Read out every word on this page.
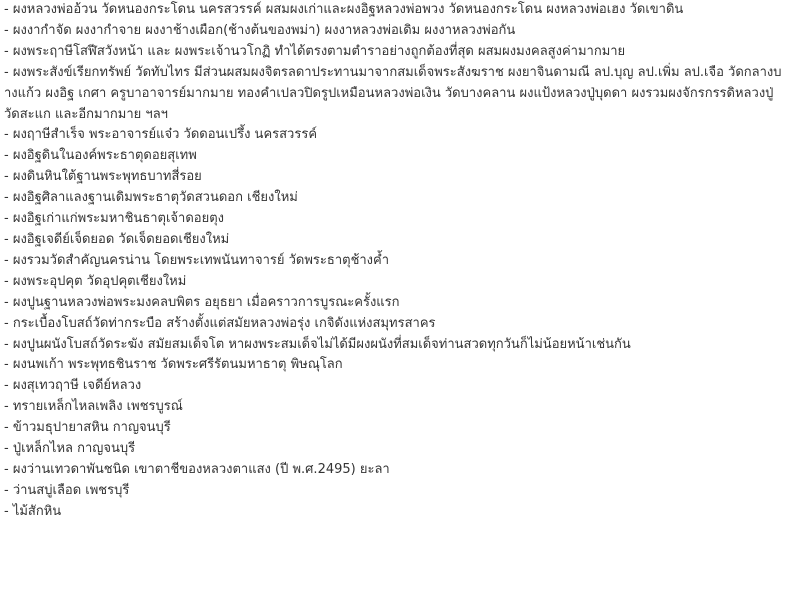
- ผงหลวงพ่ออ้วน วัดหนองกระโดน นครสวรรค์ ผสมผงเก่าและผงอิฐหลวงพ่อพวง วัดหนองกระโดน ผงหลวงพ่อเฮง วัดเขาดิน

- ผงงากำจัด ผงงากำจาย ผงงาช้างเผือก(ช้างต้นของพม่า) ผงงาหลวงพ่อเดิม ผงงาหลวงพ่อกัน

- ผงพระฤาษีโสฬีสวังหน้า และ ผงพระเจ้านวโกฏิ ทำได้ตรงตามตำราอย่างถูกต้องที่สุด ผสมผงมงคลสูงค่ามากมาย

- ผงพระสังข์เรียกทรัพย์ วัดทับไทร มีส่วนผสมผงจิตรลดาประทานมาจากสมเด็จพระสังฆราช ผงยาจินดามณี ลป.บุญ ลป.เพิ่ม ลป.เจือ วัดกลางบางแก้ว ผงอิฐ เกศา ครูบาอาจารย์มากมาย ทองคำเปลวปิดรูปเหมือนหลวงพ่อเงิน วัดบางคลาน ผงแป้งหลวงปู่บุดดา ผงรวมผงจักรกรรดิหลวงปู่ วัดสะแก และอีกมากมาย ฯลฯ

- ผงฤาษีสำเร็จ พระอาจารย์แจ๋ว วัดดอนเปรึ้ง นครสวรรค์

- ผงอิฐดินในองค์พระธาตุดอยสุเทพ

- ผงดินหินใต้ฐานพระพุทธบาทสี่รอย

- ผงอิฐศิลาแลงฐานเดิมพระธาตุวัดสวนดอก เชียงใหม่

- ผงอิฐเก่าแก่พระมหาชินธาตุเจ้าดอยตุง

- ผงอิฐเจดีย์เจ็ดยอด วัดเจ็ดยอดเชียงใหม่

- ผงรวมวัดสำคัญนครน่าน โดยพระเทพนันทาจารย์ วัดพระธาตุช้างค้ำ

- ผงพระอุปคุต วัดอุปคุตเชียงใหม่

- ผงปูนฐานหลวงพ่อพระมงคลบพิตร อยุธยา เมื่อคราวการบูรณะครั้งแรก

- กระเบื้องโบสถ์วัดท่ากระบือ สร้างตั้งแต่สมัยหลวงพ่อรุ่ง เกจิดังแห่งสมุทรสาคร

- ผงปูนผนังโบสถ์วัดระฆัง สมัยสมเด็จโต หาผงพระสมเด็จไม่ได้มีผงผนังที่สมเด็จท่านสวดทุกวันก็ไม่น้อยหน้าเช่นกัน

- ผงนพเก้า พระพุทธชินราช วัดพระศรีรัตนมหาธาตุ พิษณุโลก

- ผงสุเทวฤาษี เจดีย์หลวง

- ทรายเหล็กไหลเพลิง เพชรบูรณ์

- ข้าวมธุปายาสหิน กาญจนบุรี

- ปู่เหล็กไหล กาญจนบุรี

- ผงว่านเทวดาพันชนิด เขาตาชีของหลวงตาแสง (ปี พ.ศ.2495) ยะลา

- ว่านสบู่เลือด เพชรบุรี

- ไม้สักหิน
